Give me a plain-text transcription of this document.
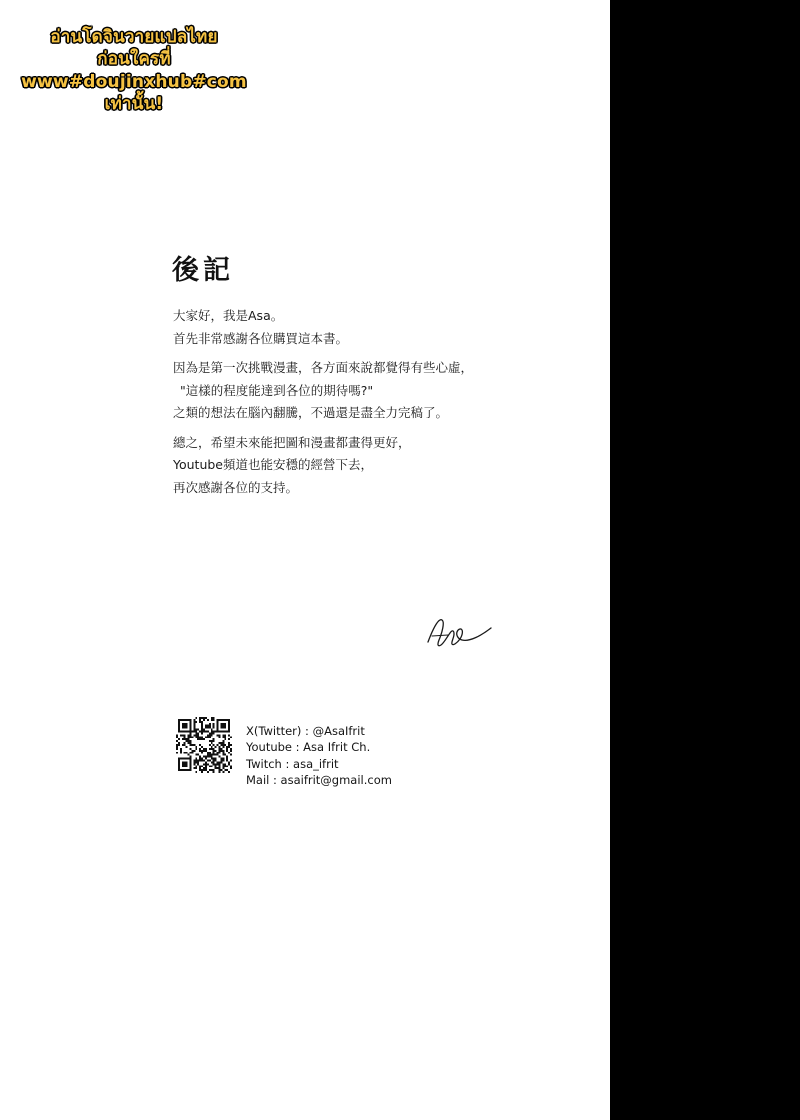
อ่านโดจินวายแปลไทย
ก่อนใครที่
www#doujinxhub#com
เท่านั้น!
後記

大家好，我是Asa。
首先非常感謝各位購買這本書。

因為是第一次挑戰漫畫，各方面來說都覺得有些心虛，
"這樣的程度能達到各位的期待嗎?"
之類的想法在腦內翻騰，不過還是盡全力完稿了。

總之，希望未來能把圖和漫畫都畫得更好，
Youtube頻道也能安穩的經營下去，
再次感謝各位的支持。

X(Twitter) : @AsaIfrit
Youtube : Asa Ifrit Ch.
Twitch : asa_ifrit
Mail : asaifrit@gmail.com
